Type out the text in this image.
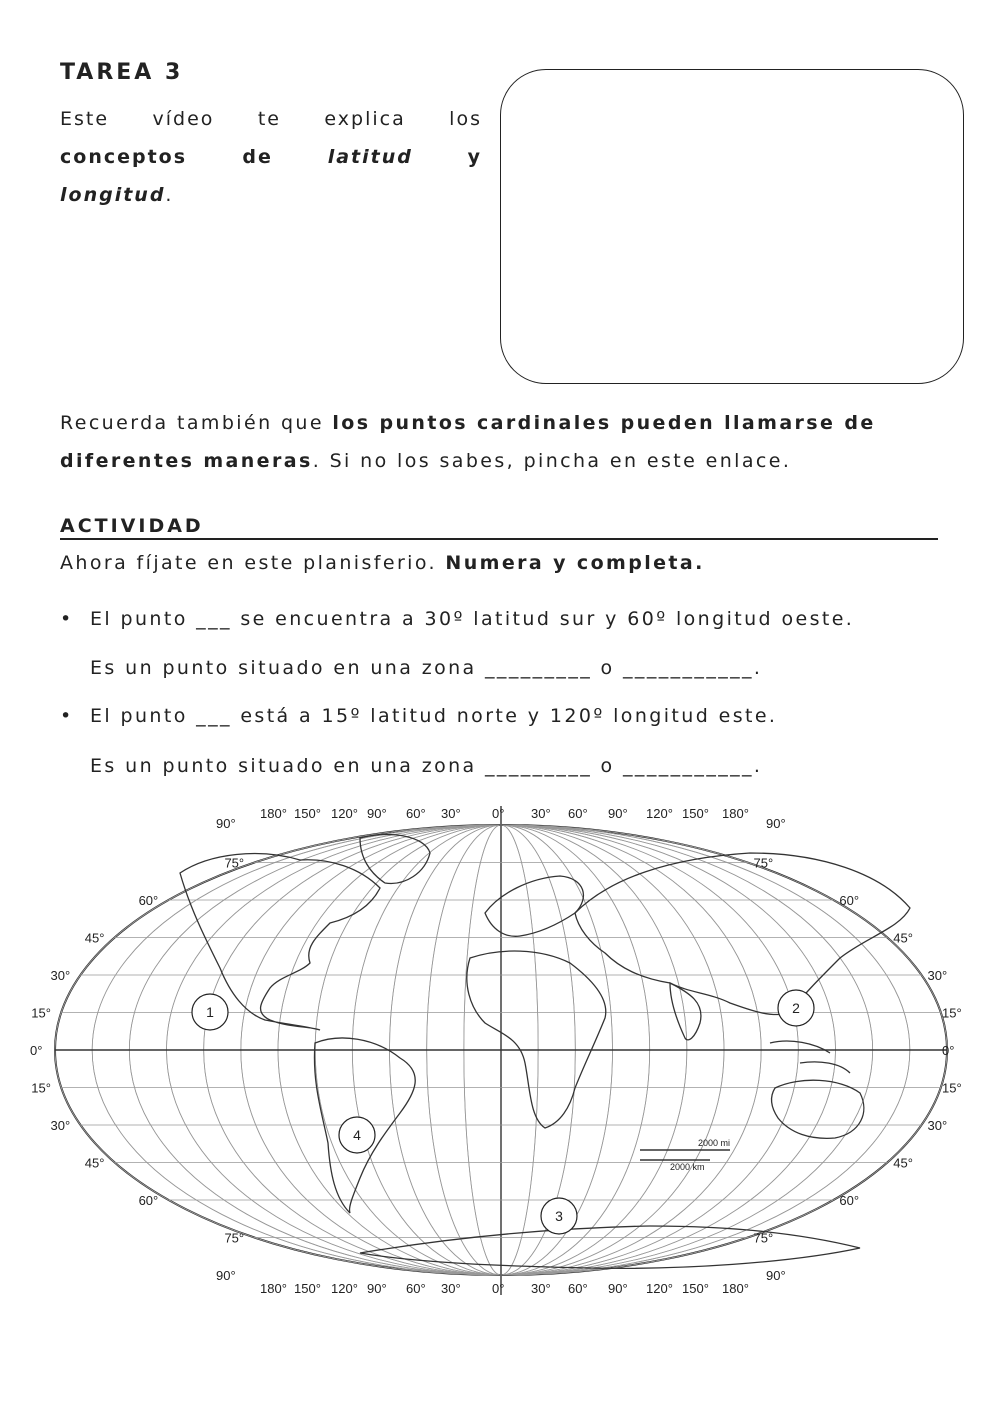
TAREA 3
Este vídeo te explica los
conceptos de	latitud	y
longitud.
Recuerda también que los puntos cardinales pueden llamarse de diferentes maneras. Si no los sabes, pincha en este enlace.
ACTIVIDAD
Ahora fíjate en este planisferio. Numera y completa.
• El punto ___ se encuentra a 30º latitud sur y 60º longitud oeste.
Es un punto situado en una zona _________ o ___________.
• El punto ___ está a 15º latitud norte y 120º longitud este.
Es un punto situado en una zona _________ o ___________.
2000 mi
2000 km
180°
180°
150°
150°
120°
120°
90°
90°
60°
60°
30°
30°
0°
0°
30°
30°
60°
60°
90°
90°
120°
120°
150°
150°
180°
180°
90°	90°
75°	75°
60°	60°
45°	45°
30°	30°
15°	15°
0°	0°
15°	15°
30°	30°
45°	45°
60°	60°
75°	75°
90°	90°
1	2
3
4
